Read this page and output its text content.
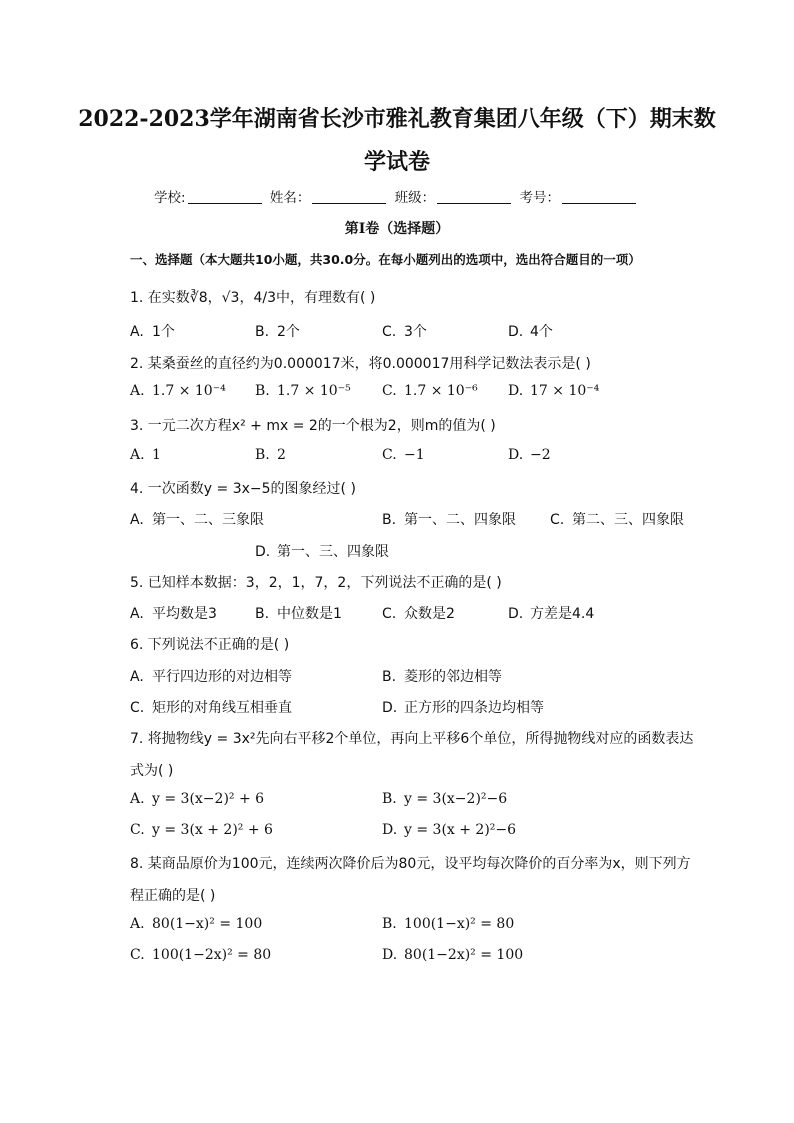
2022-2023学年湖南省长沙市雅礼教育集团八年级（下）期末数
学试卷
学校:	姓名：	班级：	考号：
第I卷（选择题）
一、选择题（本大题共10小题，共30.0分。在每小题列出的选项中，选出符合题目的一项）
1. 在实数∛8，√3，4/3中，有理数有( )
A. 1个	B. 2个	C. 3个	D. 4个
2. 某桑蚕丝的直径约为0.000017米，将0.000017用科学记数法表示是( )
A. 1.7 × 10⁻⁴ B. 1.7 × 10⁻⁵ C. 1.7 × 10⁻⁶ D. 17 × 10⁻⁴
3. 一元二次方程x² + mx = 2的一个根为2，则m的值为( )
A. 1	B. 2	C. −1	D. −2
4. 一次函数y = 3x−5的图象经过( )
A. 第一、二、三象限	B. 第一、二、四象限 C. 第二、三、四象限
D. 第一、三、四象限
5. 已知样本数据：3，2，1，7，2，下列说法不正确的是( )
A. 平均数是3	B. 中位数是1	C. 众数是2	D. 方差是4.4
6. 下列说法不正确的是( )
A. 平行四边形的对边相等	B. 菱形的邻边相等
C. 矩形的对角线互相垂直	D. 正方形的四条边均相等
7. 将抛物线y = 3x²先向右平移2个单位，再向上平移6个单位，所得抛物线对应的函数表达
式为( )
A. y = 3(x−2)² + 6	B. y = 3(x−2)²−6
C. y = 3(x + 2)² + 6	D. y = 3(x + 2)²−6
8. 某商品原价为100元，连续两次降价后为80元，设平均每次降价的百分率为x，则下列方
程正确的是( )
A. 80(1−x)² = 100	B. 100(1−x)² = 80
C. 100(1−2x)² = 80	D. 80(1−2x)² = 100
